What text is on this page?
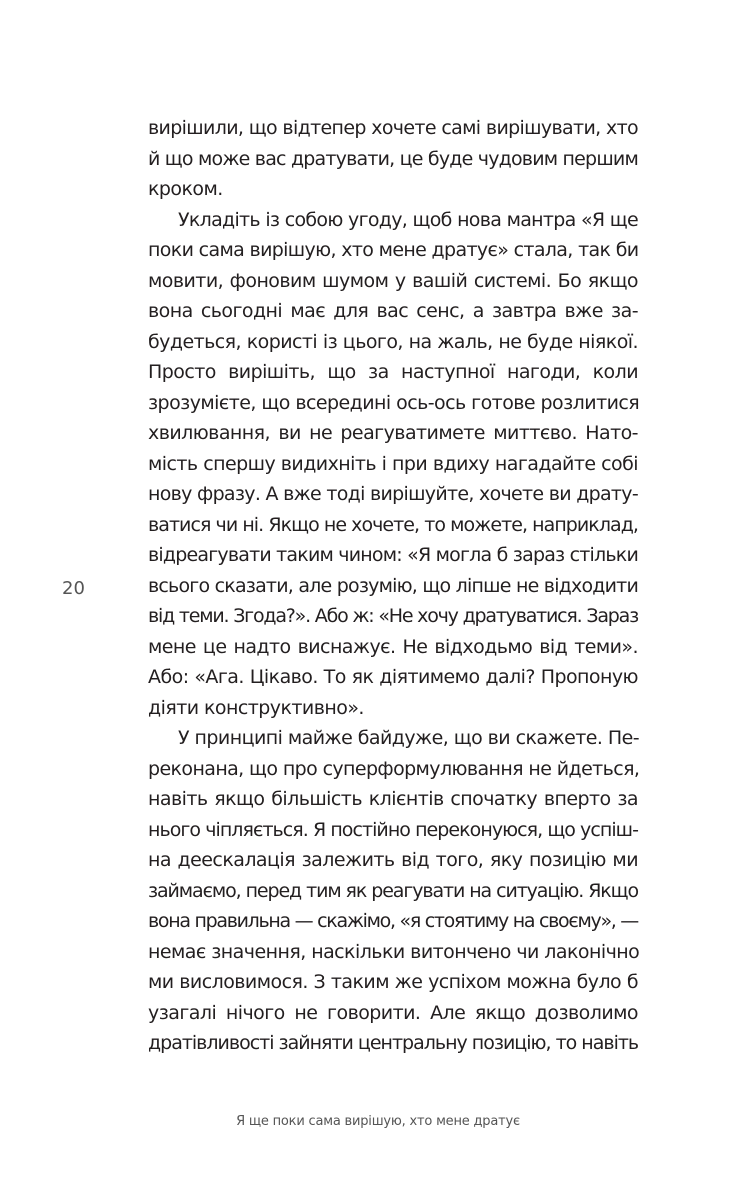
20
вирішили, що відтепер хочете самі вирішувати, хто
й що може вас дратувати, це буде чудовим першим
кроком.
Укладіть із собою угоду, щоб нова мантра «Я ще
поки сама вирішую, хто мене дратує» стала, так би
мовити, фоновим шумом у вашій системі. Бо якщо
вона сьогодні має для вас сенс, а завтра вже за-
будеться, користі із цього, на жаль, не буде ніякої.
Просто вирішіть, що за наступної нагоди, коли
зрозумієте, що всередині ось-ось готове розлитися
хвилювання, ви не реагуватимете миттєво. Нато-
мість спершу видихніть і при вдиху нагадайте собі
нову фразу. А вже тоді вирішуйте, хочете ви драту-
ватися чи ні. Якщо не хочете, то можете, наприклад,
відреагувати таким чином: «Я могла б зараз стільки
всього сказати, але розумію, що ліпше не відходити
від теми. Згода?». Або ж: «Не хочу дратуватися. Зараз
мене це надто виснажує. Не відходьмо від теми».
Або: «Ага. Цікаво. То як діятимемо далі? Пропоную
діяти конструктивно».
У принципі майже байдуже, що ви скажете. Пе-
реконана, що про суперформулювання не йдеться,
навіть якщо більшість клієнтів спочатку вперто за
нього чіпляється. Я постійно переконуюся, що успіш-
на деескалація залежить від того, яку позицію ми
займаємо, перед тим як реагувати на ситуацію. Якщо
вона правильна — скажімо, «я стоятиму на своєму», —
немає значення, наскільки витончено чи лаконічно
ми висловимося. З таким же успіхом можна було б
узагалі нічого не говорити. Але якщо дозволимо
дратівливості зайняти центральну позицію, то навіть
Я ще поки сама вирішую, хто мене дратує
